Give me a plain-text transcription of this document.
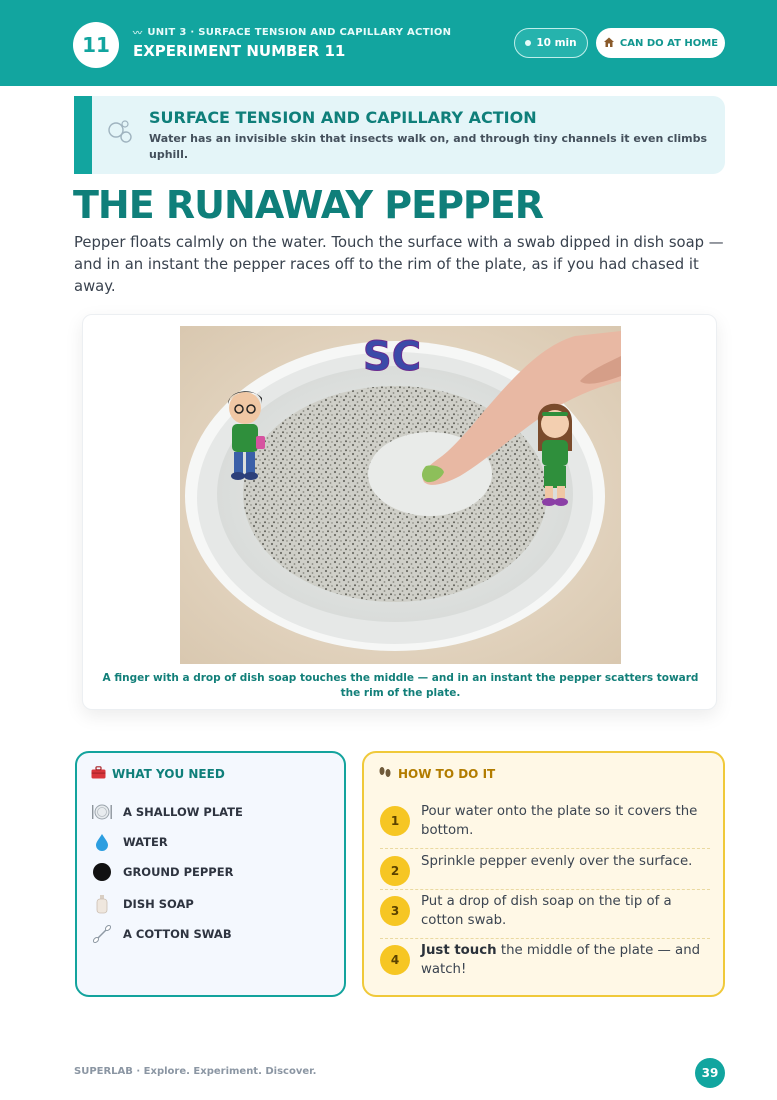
11	〰 UNIT 3 · SURFACE TENSION AND CAPILLARY ACTION
EXPERIMENT NUMBER 11	10 min	CAN DO AT HOME
SURFACE TENSION AND CAPILLARY ACTION
Water has an invisible skin that insects walk on, and through tiny channels it even climbs uphill.
THE RUNAWAY PEPPER
Pepper floats calmly on the water. Touch the surface with a swab dipped in dish soap — and in an instant the pepper races off to the rim of the plate, as if you had chased it away.
SC
A finger with a drop of dish soap touches the middle — and in an instant the pepper scatters toward the rim of the plate.
WHAT YOU NEED
A SHALLOW PLATE
WATER
GROUND PEPPER
DISH SOAP
A COTTON SWAB
HOW TO DO IT
1
Pour water onto the plate so it covers the bottom.
2
Sprinkle pepper evenly over the surface.
3
Put a drop of dish soap on the tip of a cotton swab.
4
Just touch the middle of the plate — and watch!
SUPERLAB · Explore. Experiment. Discover.	39
